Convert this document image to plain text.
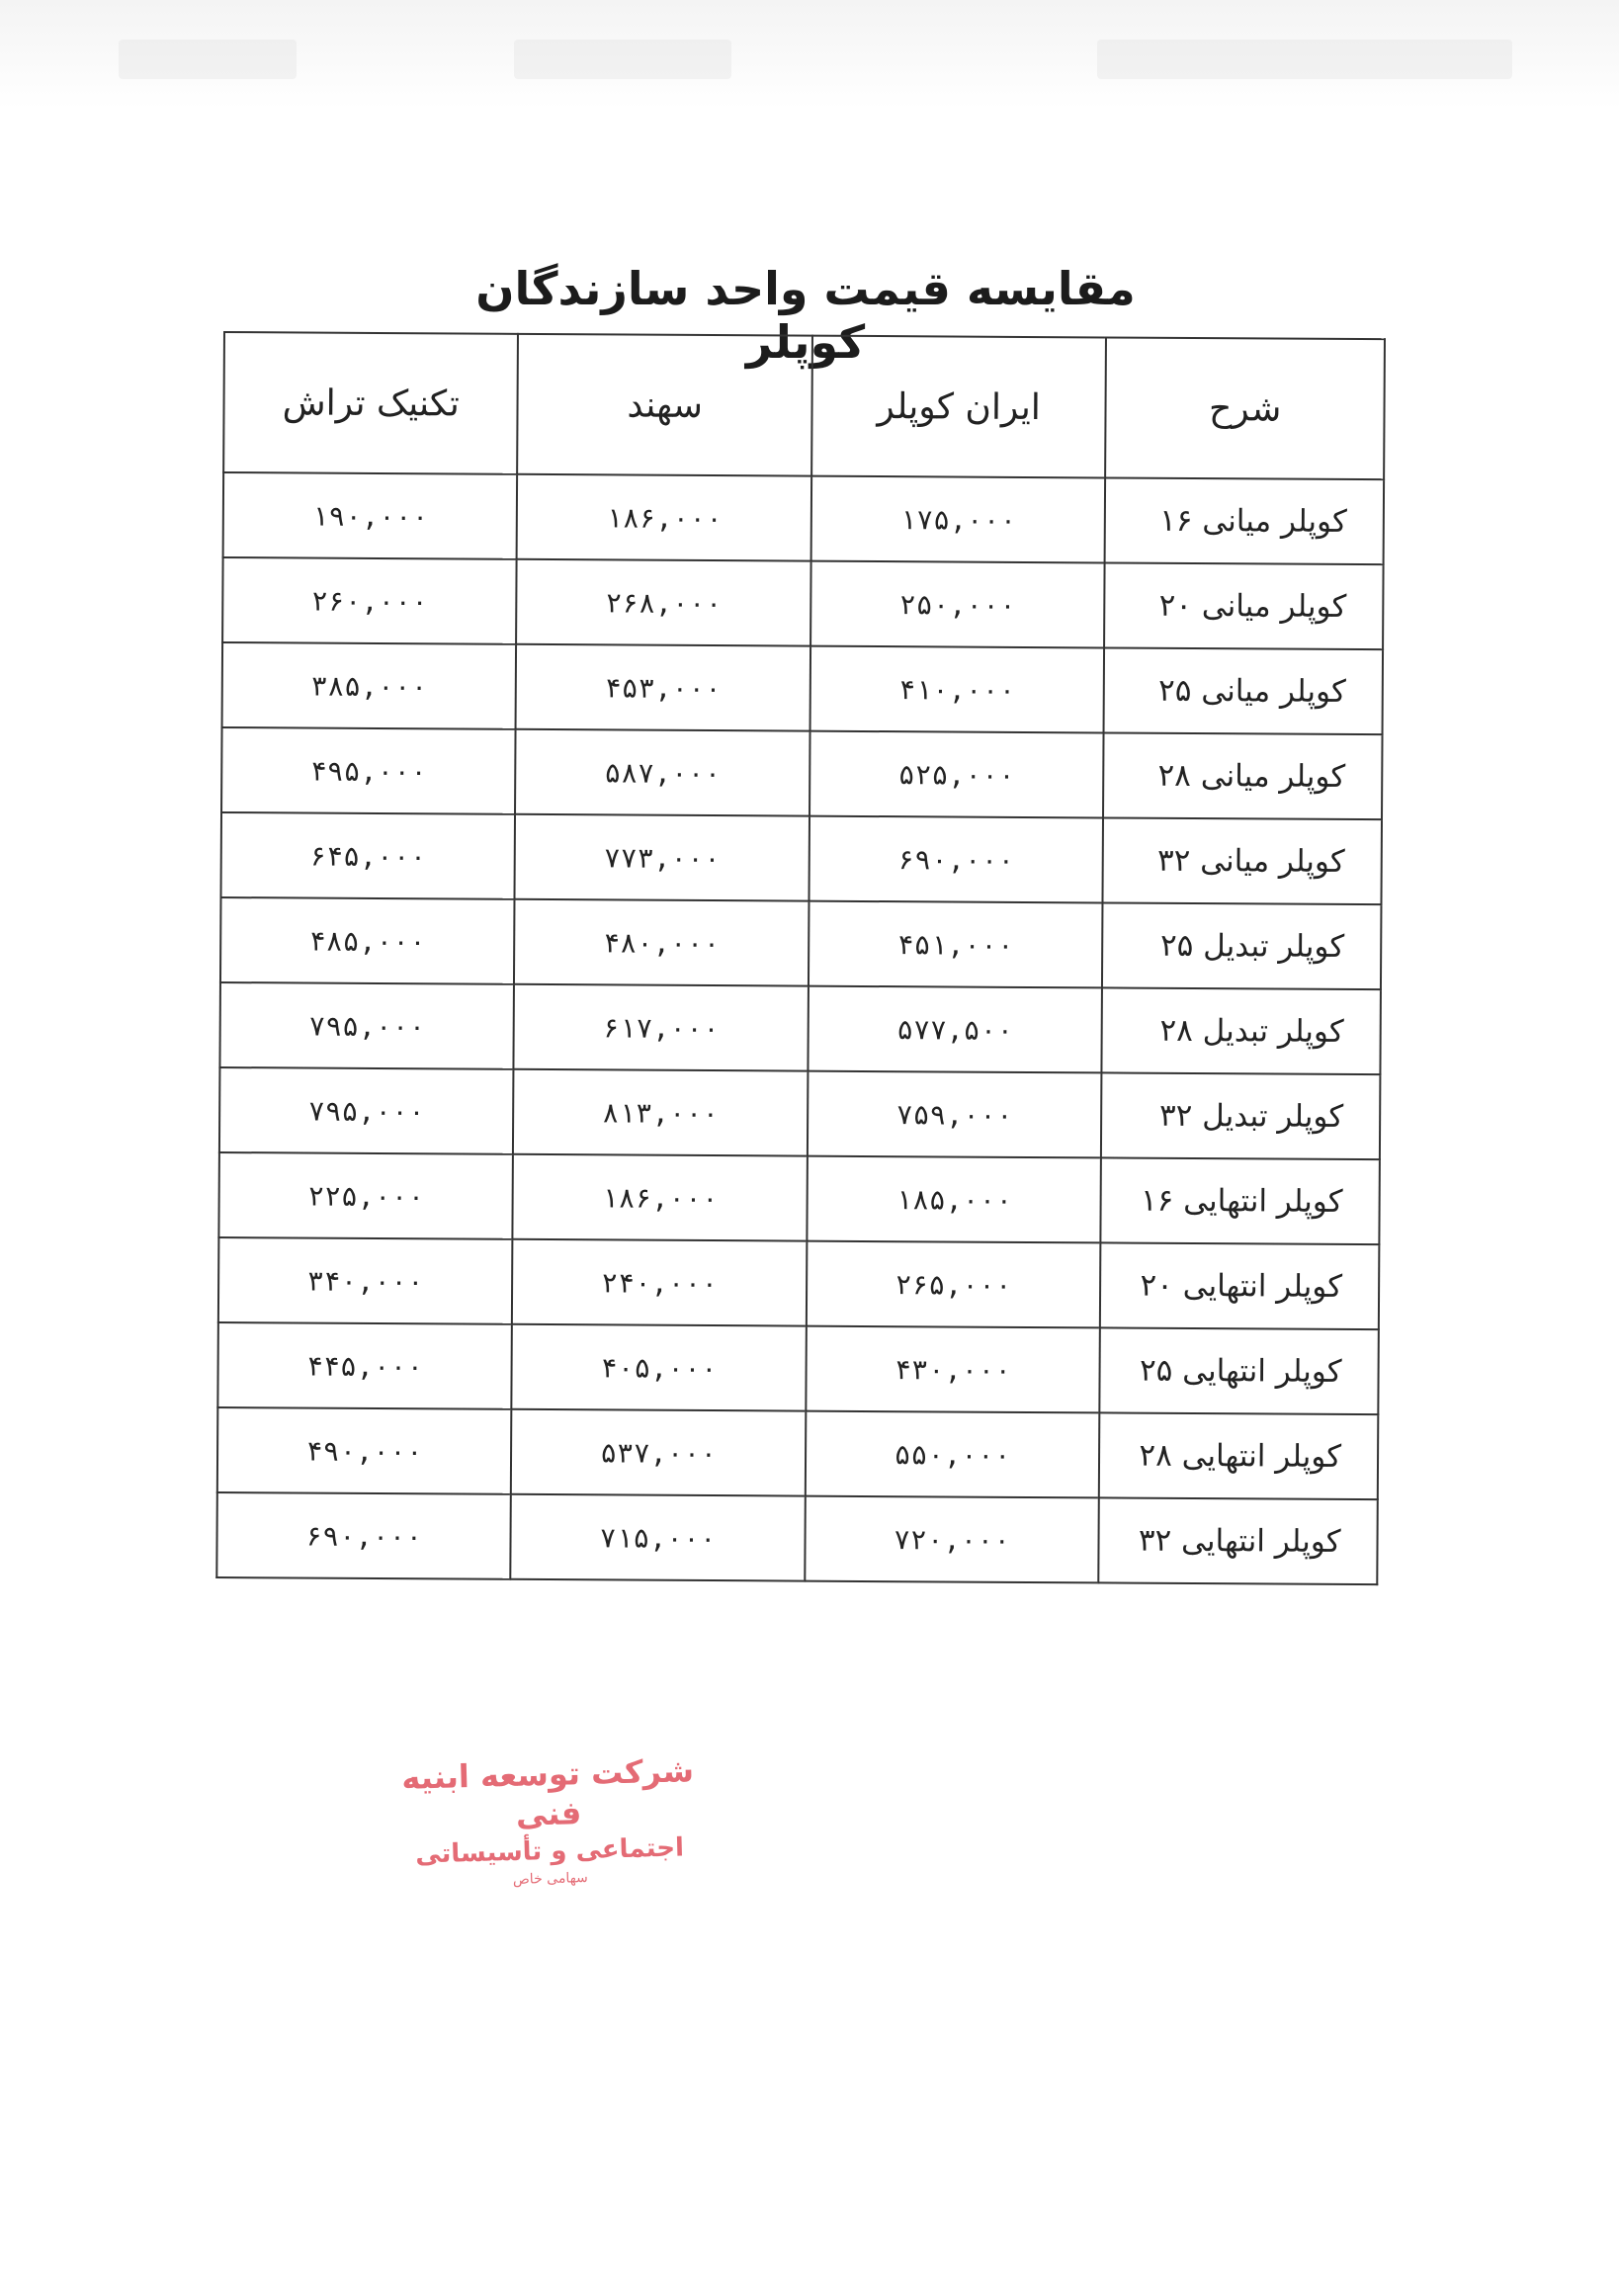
مقایسه قیمت واحد سازندگان کوپلر
شرح	ایران کوپلر	سهند	تکنیک تراش
کوپلر میانی ۱۶	۱۷۵,۰۰۰	۱۸۶,۰۰۰	۱۹۰,۰۰۰
کوپلر میانی ۲۰	۲۵۰,۰۰۰	۲۶۸,۰۰۰	۲۶۰,۰۰۰
کوپلر میانی ۲۵	۴۱۰,۰۰۰	۴۵۳,۰۰۰	۳۸۵,۰۰۰
کوپلر میانی ۲۸	۵۲۵,۰۰۰	۵۸۷,۰۰۰	۴۹۵,۰۰۰
کوپلر میانی ۳۲	۶۹۰,۰۰۰	۷۷۳,۰۰۰	۶۴۵,۰۰۰
کوپلر تبدیل ۲۵	۴۵۱,۰۰۰	۴۸۰,۰۰۰	۴۸۵,۰۰۰
کوپلر تبدیل ۲۸	۵۷۷,۵۰۰	۶۱۷,۰۰۰	۷۹۵,۰۰۰
کوپلر تبدیل ۳۲	۷۵۹,۰۰۰	۸۱۳,۰۰۰	۷۹۵,۰۰۰
کوپلر انتهایی ۱۶	۱۸۵,۰۰۰	۱۸۶,۰۰۰	۲۲۵,۰۰۰
کوپلر انتهایی ۲۰	۲۶۵,۰۰۰	۲۴۰,۰۰۰	۳۴۰,۰۰۰
کوپلر انتهایی ۲۵	۴۳۰,۰۰۰	۴۰۵,۰۰۰	۴۴۵,۰۰۰
کوپلر انتهایی ۲۸	۵۵۰,۰۰۰	۵۳۷,۰۰۰	۴۹۰,۰۰۰
کوپلر انتهایی ۳۲	۷۲۰,۰۰۰	۷۱۵,۰۰۰	۶۹۰,۰۰۰
شرکت توسعه ابنیه فنی
اجتماعی و تأسیساتی
سهامی خاص
